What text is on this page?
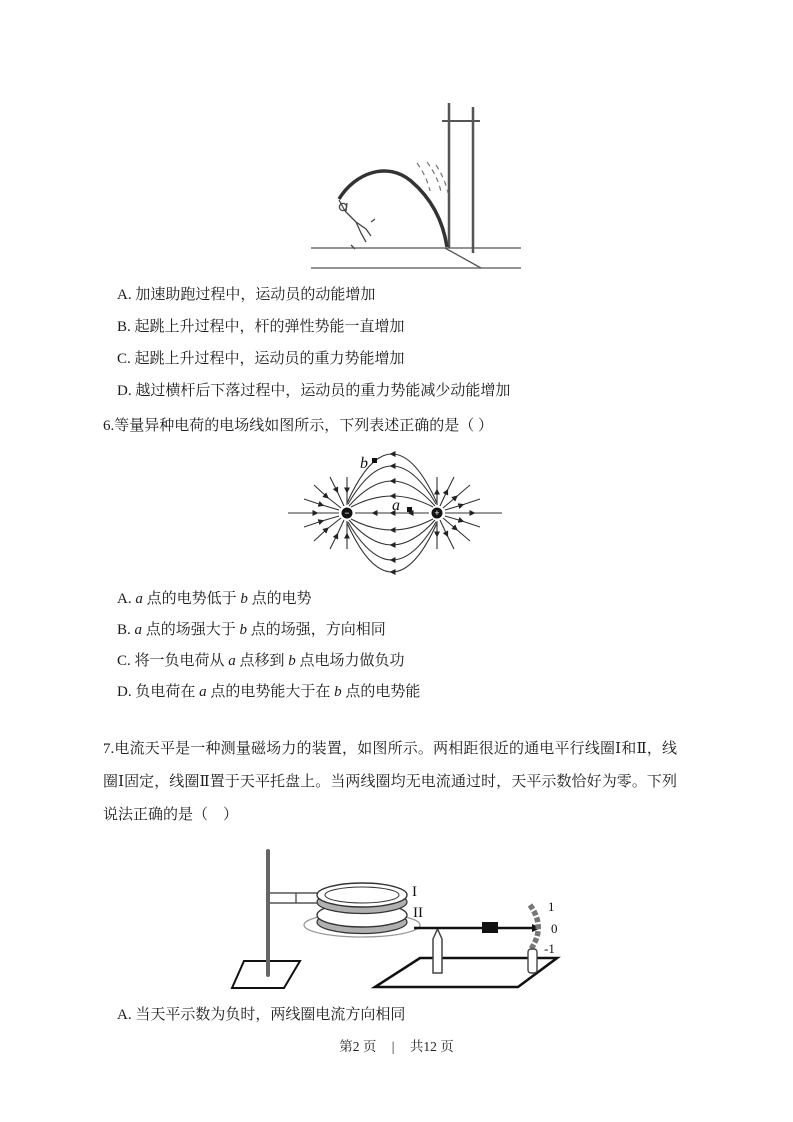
A. 加速助跑过程中，运动员的动能增加
B. 起跳上升过程中，杆的弹性势能一直增加
C. 起跳上升过程中，运动员的重力势能增加
D. 越过横杆后下落过程中，运动员的重力势能减少动能增加
6.等量异种电荷的电场线如图所示，下列表述正确的是（ ）
−	+
b
a
A. a 点的电势低于 b 点的电势
B. a 点的场强大于 b 点的场强，方向相同
C. 将一负电荷从 a 点移到 b 点电场力做负功
D. 负电荷在 a 点的电势能大于在 b 点的电势能
7.电流天平是一种测量磁场力的装置，如图所示。两相距很近的通电平行线圈Ⅰ和Ⅱ，线
圈Ⅰ固定，线圈Ⅱ置于天平托盘上。当两线圈均无电流通过时，天平示数恰好为零。下列
说法正确的是（　）
I
II	1
0
-1
A. 当天平示数为负时，两线圈电流方向相同
第2 页 | 共12 页
